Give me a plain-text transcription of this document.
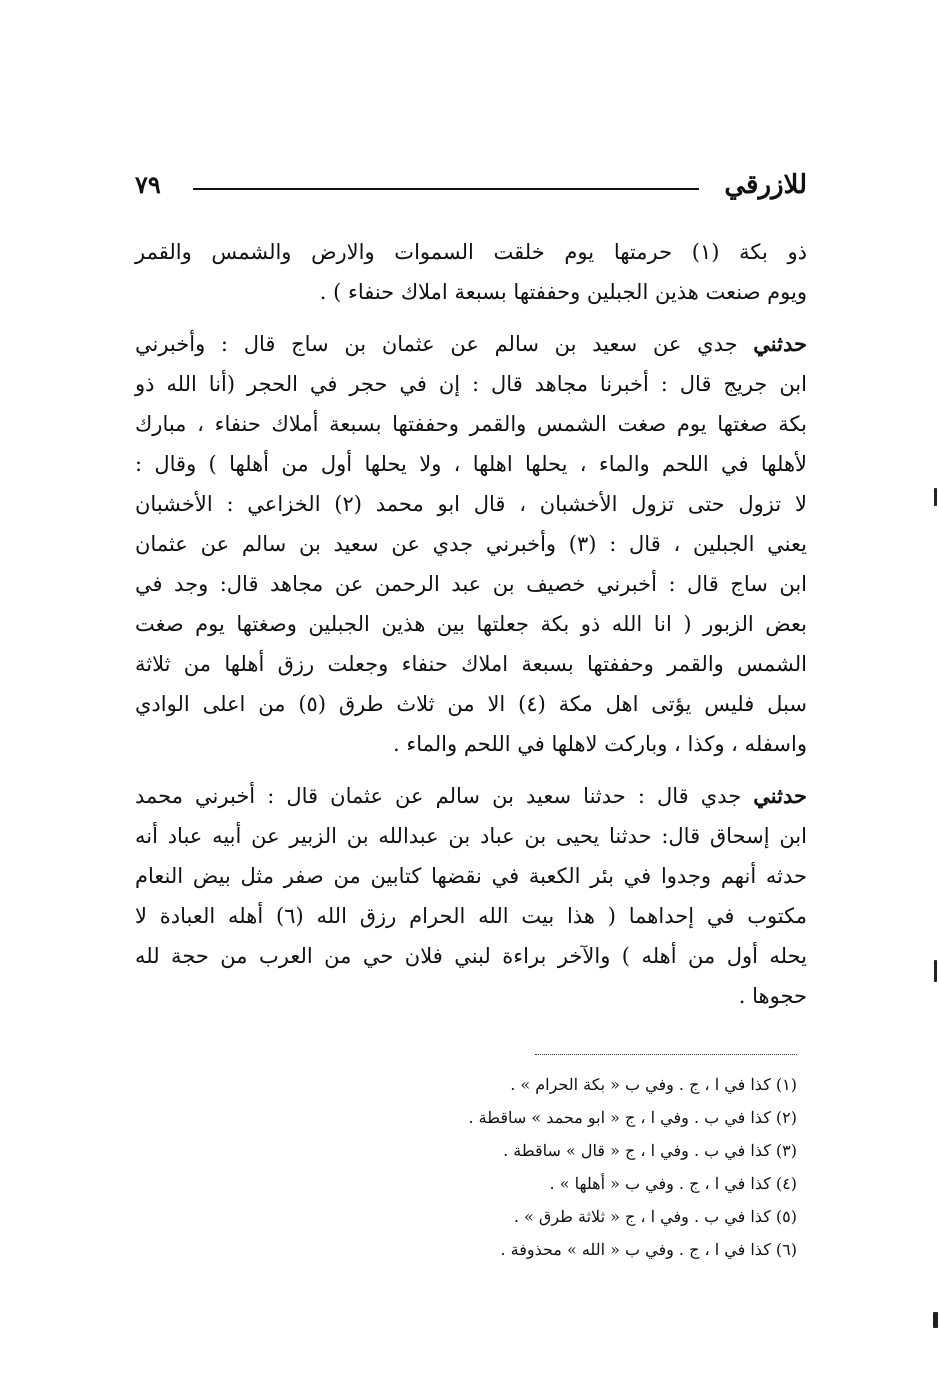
للازرقي
٧٩

ذو بكة (١) حرمتها يوم خلقت السموات والارض والشمس والقمر
ويوم صنعت هذين الجبلين وحففتها بسبعة املاك حنفاء ) .

حدثني جدي عن سعيد بن سالم عن عثمان بن ساج قال : وأخبرني
ابن جريج قال : أخبرنا مجاهد قال : إن في حجر في الحجر (أنا الله ذو
بكة صغتها يوم صغت الشمس والقمر وحففتها بسبعة أملاك حنفاء ، مبارك
لأهلها في اللحم والماء ، يحلها اهلها ، ولا يحلها أول من أهلها ) وقال :
لا تزول حتى تزول الأخشبان ، قال ابو محمد (٢) الخزاعي : الأخشبان
يعني الجبلين ، قال : (٣) وأخبرني جدي عن سعيد بن سالم عن عثمان
ابن ساج قال : أخبرني خصيف بن عبد الرحمن عن مجاهد قال: وجد في
بعض الزبور ( انا الله ذو بكة جعلتها بين هذين الجبلين وصغتها يوم صغت
الشمس والقمر وحففتها بسبعة املاك حنفاء وجعلت رزق أهلها من ثلاثة
سبل فليس يؤتى اهل مكة (٤) الا من ثلاث طرق (٥) من اعلى الوادي
واسفله ، وكذا ، وباركت لاهلها في اللحم والماء .

حدثني جدي قال : حدثنا سعيد بن سالم عن عثمان قال : أخبرني محمد
ابن إسحاق قال: حدثنا يحيى بن عباد بن عبدالله بن الزبير عن أبيه عباد أنه
حدثه أنهم وجدوا في بئر الكعبة في نقضها كتابين من صفر مثل بيض النعام
مكتوب في إحداهما ( هذا بيت الله الحرام رزق الله (٦) أهله العبادة لا
يحله أول من أهله ) والآخر براءة لبني فلان حي من العرب من حجة لله
حجوها .

(١) كذا في ا ، ج . وفي ب « بكة الحرام » .
(٢) كذا في ب . وفي ا ، ج « ابو محمد » ساقطة .
(٣) كذا في ب . وفي ا ، ج « قال » ساقطة .
(٤) كذا في ا ، ج . وفي ب « أهلها » .
(٥) كذا في ب . وفي ا ، ج « ثلاثة طرق » .
(٦) كذا في ا ، ج . وفي ب « الله » محذوفة .
